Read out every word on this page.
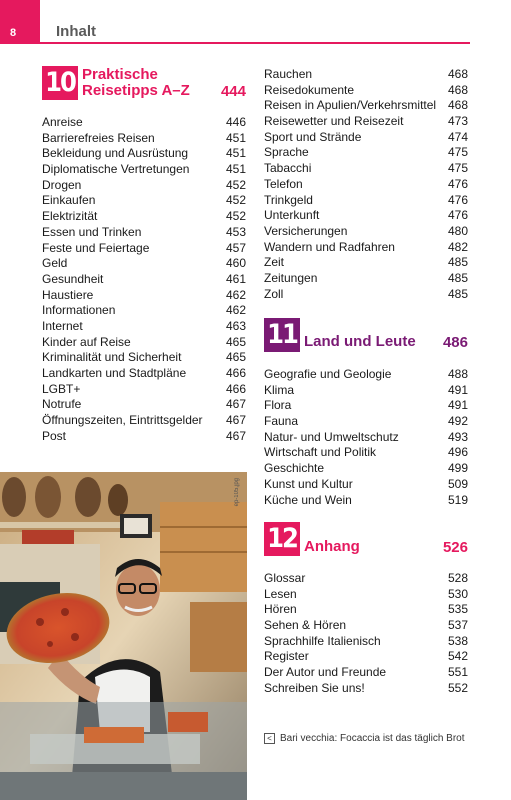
8	Inhalt
10 Praktische
Reisetipps A–Z 444
Anreise	446
Barrierefreies Reisen	451
Bekleidung und Ausrüstung	451
Diplomatische Vertretungen	451
Drogen	452
Einkaufen	452
Elektrizität	452
Essen und Trinken	453
Feste und Feiertage	457
Geld	460
Gesundheit	461
Haustiere	462
Informationen	462
Internet	463
Kinder auf Reise	465
Kriminalität und Sicherheit	465
Landkarten und Stadtpläne	466
LGBT+	466
Notrufe	467
Öffnungszeiten, Eintrittsgelder 467
Post	467
Rauchen	468
Reisedokumente	468
Reisen in Apulien/Verkehrsmittel 468
Reisewetter und Reisezeit	473
Sport und Strände	474
Sprache	475
Tabacchi	475
Telefon	476
Trinkgeld	476
Unterkunft	476
Versicherungen	480
Wandern und Radfahren	482
Zeit	485
Zeitungen	485
Zoll	485
11 Land und Leute 486
Geografie und Geologie	488
Klima	491
Flora	491
Fauna	492
Natur- und Umweltschutz	493
Wirtschaft und Politik	496
Geschichte	499
Kunst und Kultur	509
Küche und Wein	519
12 Anhang	526
Glossar	528
Lesen	530
Hören	535
Sehen & Hören	537
Sprachhilfe Italienisch	538
Register	542
Der Autor und Freunde	551
Schreiben Sie uns!	552
ep-105,jpg
< Bari vecchia: Focaccia ist das täglich Brot
